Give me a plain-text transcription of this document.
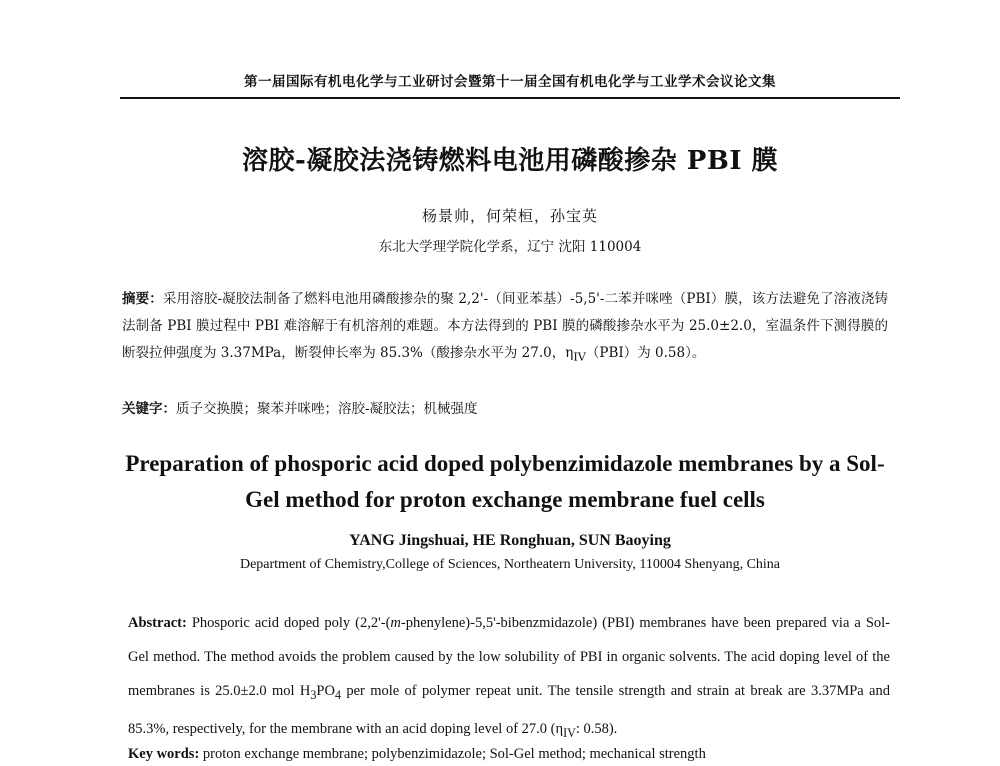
第一届国际有机电化学与工业研讨会暨第十一届全国有机电化学与工业学术会议论文集
溶胶-凝胶法浇铸燃料电池用磷酸掺杂 PBI 膜
杨景帅，何荣桓，孙宝英
东北大学理学院化学系，辽宁 沈阳 110004
摘要：采用溶胶-凝胶法制备了燃料电池用磷酸掺杂的聚 2,2'-（间亚苯基）-5,5'-二苯并咪唑（PBI）膜，该方法避免了溶液浇铸法制备 PBI 膜过程中 PBI 难溶解于有机溶剂的难题。本方法得到的 PBI 膜的磷酸掺杂水平为 25.0±2.0，室温条件下测得膜的断裂拉伸强度为 3.37MPa，断裂伸长率为 85.3%（酸掺杂水平为 27.0，$\eta_{IV}(PBI)$为 0.58）。
关键字：质子交换膜；聚苯并咪唑；溶胶-凝胶法；机械强度
Preparation of phosporic acid doped polybenzimidazole membranes by a Sol-Gel method for proton exchange membrane fuel cells
YANG Jingshuai, HE Ronghuan, SUN Baoying
Department of Chemistry,College of Sciences, Northeatern University, 110004 Shenyang, China
Abstract: Phosporic acid doped poly (2,2'-(m-phenylene)-5,5'-bibenzmidazole) (PBI) membranes have been prepared via a Sol-Gel method. The method avoids the problem caused by the low solubility of PBI in organic solvents. The acid doping level of the membranes is 25.0±2.0 mol $H_3PO_4$ per mole of polymer repeat unit. The tensile strength and strain at break are 3.37MPa and 85.3%, respectively, for the membrane with an acid doping level of 27.0 ($\eta_{IV}$: 0.58).
Key words: proton exchange membrane; polybenzimidazole; Sol-Gel method; mechanical strength
